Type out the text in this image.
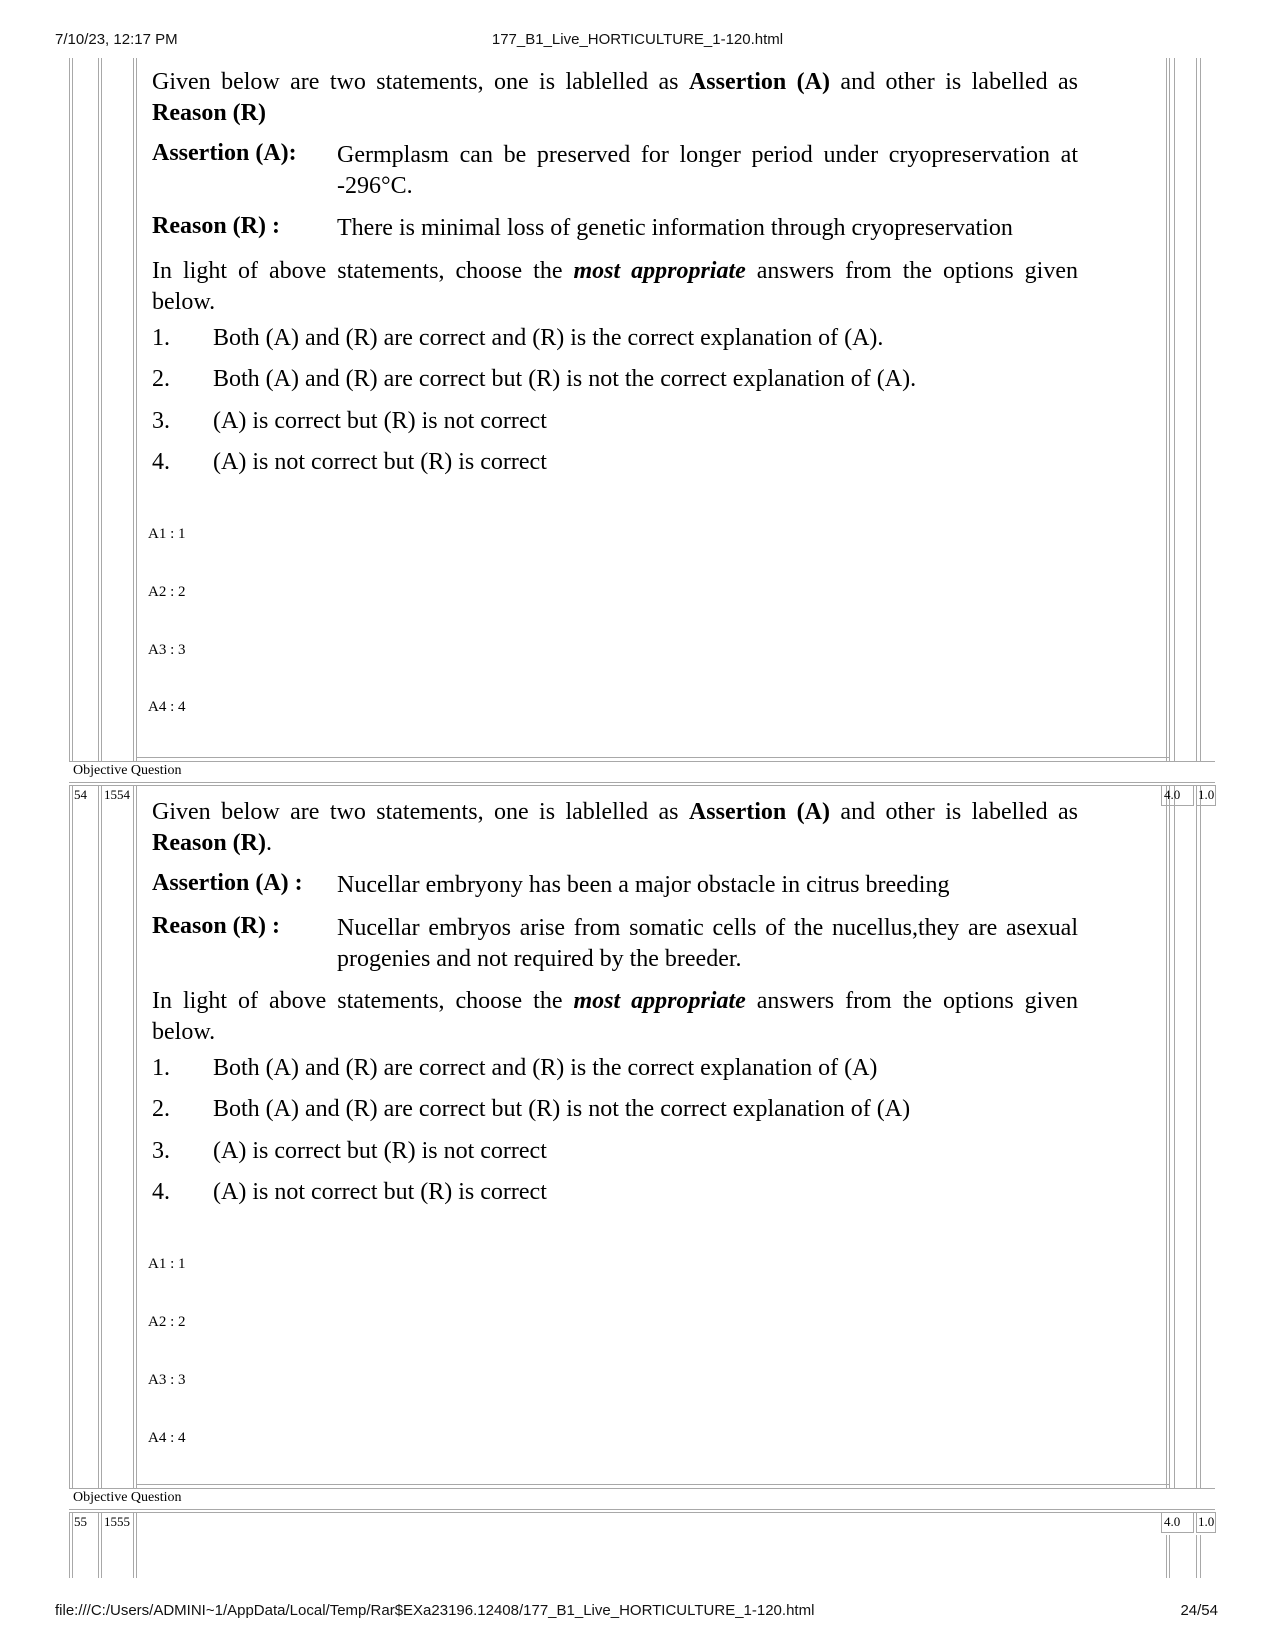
7/10/23, 12:17 PM	177_B1_Live_HORTICULTURE_1-120.html
Objective Question
54 1554	4.0 1.0
Objective Question
55 1555	4.0 1.0

Given below are two statements, one is lablelled as Assertion (A) and other is labelled as Reason (R)

Assertion (A): Germplasm can be preserved for longer period under cryopreservation at -296°C.
Reason (R) : There is minimal loss of genetic information through cryopreservation

In light of above statements, choose the most appropriate answers from the options given below.

1. Both (A) and (R) are correct and (R) is the correct explanation of (A).
2. Both (A) and (R) are correct but (R) is not the correct explanation of (A).
3. (A) is correct but (R) is not correct
4. (A) is not correct but (R) is correct
A1 : 1
A2 : 2
A3 : 3
A4 : 4

Given below are two statements, one is lablelled as Assertion (A) and other is labelled as Reason (R).

Assertion (A) : Nucellar embryony has been a major obstacle in citrus breeding
Reason (R) : Nucellar embryos arise from somatic cells of the nucellus,they are asexual progenies and not required by the breeder.

In light of above statements, choose the most appropriate answers from the options given below.

1. Both (A) and (R) are correct and (R) is the correct explanation of (A)
2. Both (A) and (R) are correct but (R) is not the correct explanation of (A)
3. (A) is correct but (R) is not correct
4. (A) is not correct but (R) is correct
A1 : 1
A2 : 2
A3 : 3
A4 : 4
file:///C:/Users/ADMINI~1/AppData/Local/Temp/Rar$EXa23196.12408/177_B1_Live_HORTICULTURE_1-120.html	24/54
